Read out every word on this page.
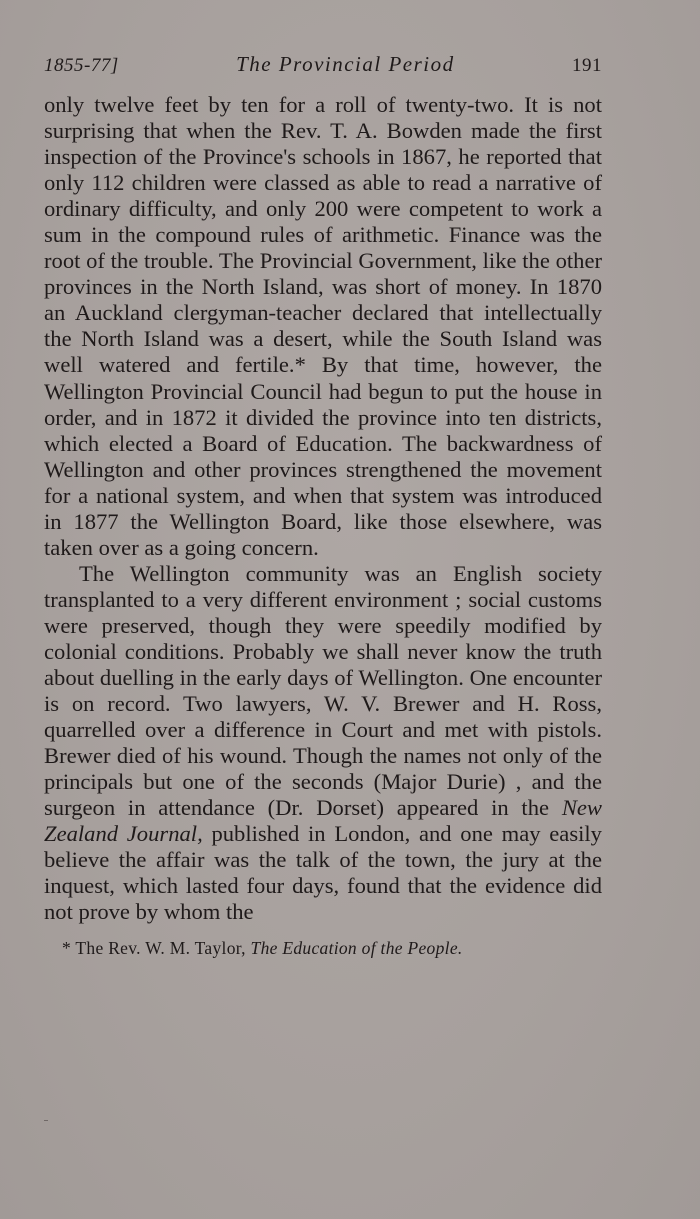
1855-77]	The Provincial Period	191

only twelve feet by ten for a roll of twenty-two. It is not surprising that when the Rev. T. A. Bowden made the first inspection of the Province's schools in 1867, he reported that only 112 children were classed as able to read a narrative of ordinary difficulty, and only 200 were competent to work a sum in the compound rules of arithmetic. Finance was the root of the trouble. The Provincial Government, like the other provinces in the North Island, was short of money. In 1870 an Auckland clergyman-teacher declared that intellectually the North Island was a desert, while the South Island was well watered and fertile.* By that time, however, the Wellington Provincial Council had begun to put the house in order, and in 1872 it divided the province into ten districts, which elected a Board of Education. The backwardness of Wellington and other provinces strengthened the movement for a national system, and when that system was introduced in 1877 the Wellington Board, like those elsewhere, was taken over as a going concern.

The Wellington community was an English society transplanted to a very different environment ; social customs were preserved, though they were speedily modified by colonial conditions. Probably we shall never know the truth about duelling in the early days of Wellington. One encounter is on record. Two lawyers, W. V. Brewer and H. Ross, quarrelled over a difference in Court and met with pistols. Brewer died of his wound. Though the names not only of the principals but one of the seconds (Major Durie) , and the surgeon in attendance (Dr. Dorset) appeared in the New Zealand Journal, published in London, and one may easily believe the affair was the talk of the town, the jury at the inquest, which lasted four days, found that the evidence did not prove by whom the

* The Rev. W. M. Taylor, The Education of the People.
